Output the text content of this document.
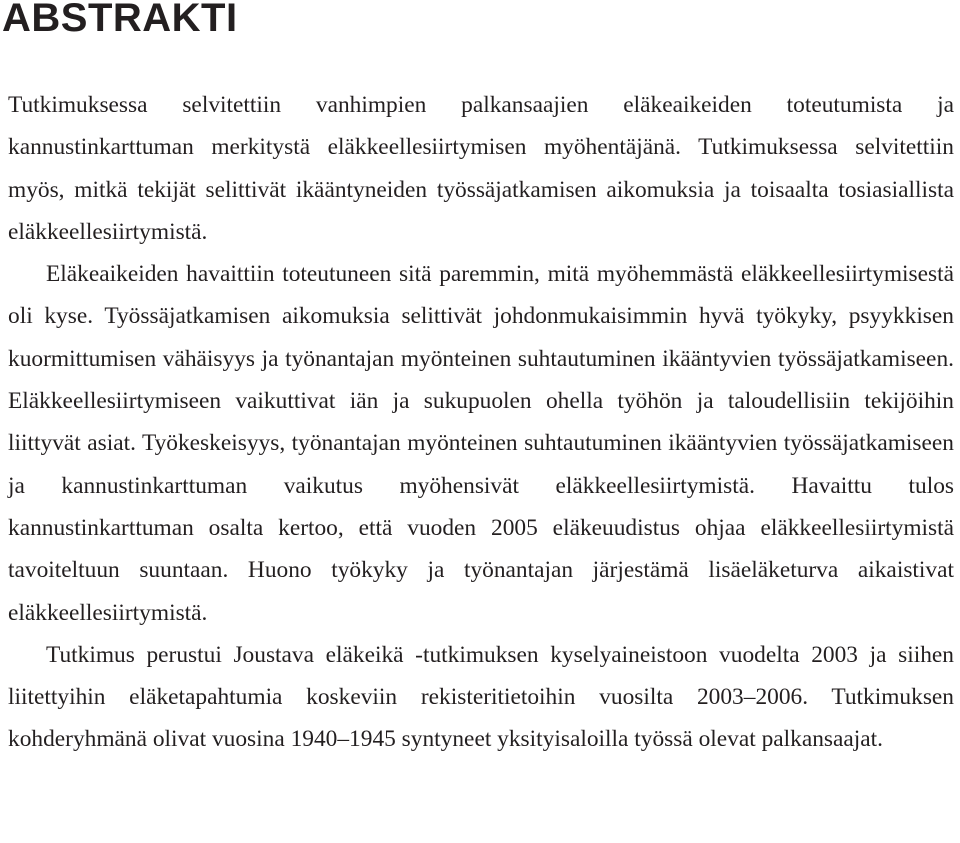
ABSTRAKTI

Tutkimuksessa selvitettiin vanhimpien palkansaajien eläkeaikeiden toteutumista ja kannustinkarttuman merkitystä eläkkeellesiirtymisen myöhentäjänä. Tutkimuksessa selvitettiin myös, mitkä tekijät selittivät ikääntyneiden työssäjatkamisen aikomuksia ja toisaalta tosiasiallista eläkkeellesiirtymistä.

Eläkeaikeiden havaittiin toteutuneen sitä paremmin, mitä myöhemmästä eläkkeellesiirtymisestä oli kyse. Työssäjatkamisen aikomuksia selittivät johdonmukaisimmin hyvä työkyky, psyykkisen kuormittumisen vähäisyys ja työnantajan myönteinen suhtautuminen ikääntyvien työssäjatkamiseen. Eläkkeellesiirtymiseen vaikuttivat iän ja sukupuolen ohella työhön ja taloudellisiin tekijöihin liittyvät asiat. Työkeskeisyys, työnantajan myönteinen suhtautuminen ikääntyvien työssäjatkamiseen ja kannustinkarttuman vaikutus myöhensivät eläkkeellesiirtymistä. Havaittu tulos kannustinkarttuman osalta kertoo, että vuoden 2005 eläkeuudistus ohjaa eläkkeellesiirtymistä tavoiteltuun suuntaan. Huono työkyky ja työnantajan järjestämä lisäeläketurva aikaistivat eläkkeellesiirtymistä.

Tutkimus perustui Joustava eläkeikä -tutkimuksen kyselyaineistoon vuodelta 2003 ja siihen liitettyihin eläketapahtumia koskeviin rekisteritietoihin vuosilta 2003–2006. Tutkimuksen kohderyhmänä olivat vuosina 1940–1945 syntyneet yksityisaloilla työssä olevat palkansaajat.
